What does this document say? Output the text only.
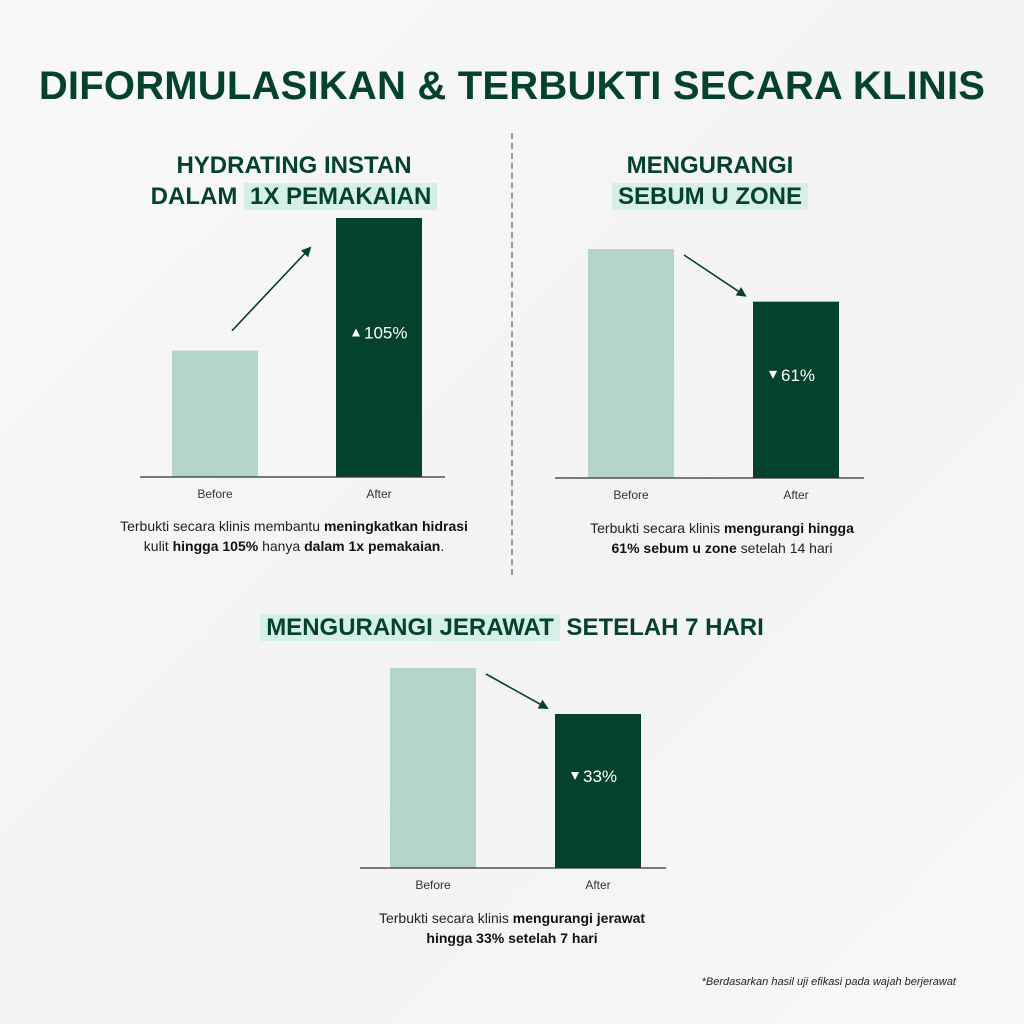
DIFORMULASIKAN & TERBUKTI SECARA KLINIS
HYDRATING INSTAN
DALAM 1X PEMAKAIAN
MENGURANGI
SEBUM U ZONE
MENGURANGI JERAWAT SETELAH 7 HARI
Before	After
105%
Before	After
61%
Before	After
33%
Terbukti secara klinis membantu meningkatkan hidrasi
kulit hingga 105% hanya dalam 1x pemakaian.
Terbukti secara klinis mengurangi hingga
61% sebum u zone setelah 14 hari
Terbukti secara klinis mengurangi jerawat
hingga 33% setelah 7 hari
*Berdasarkan hasil uji efikasi pada wajah berjerawat
